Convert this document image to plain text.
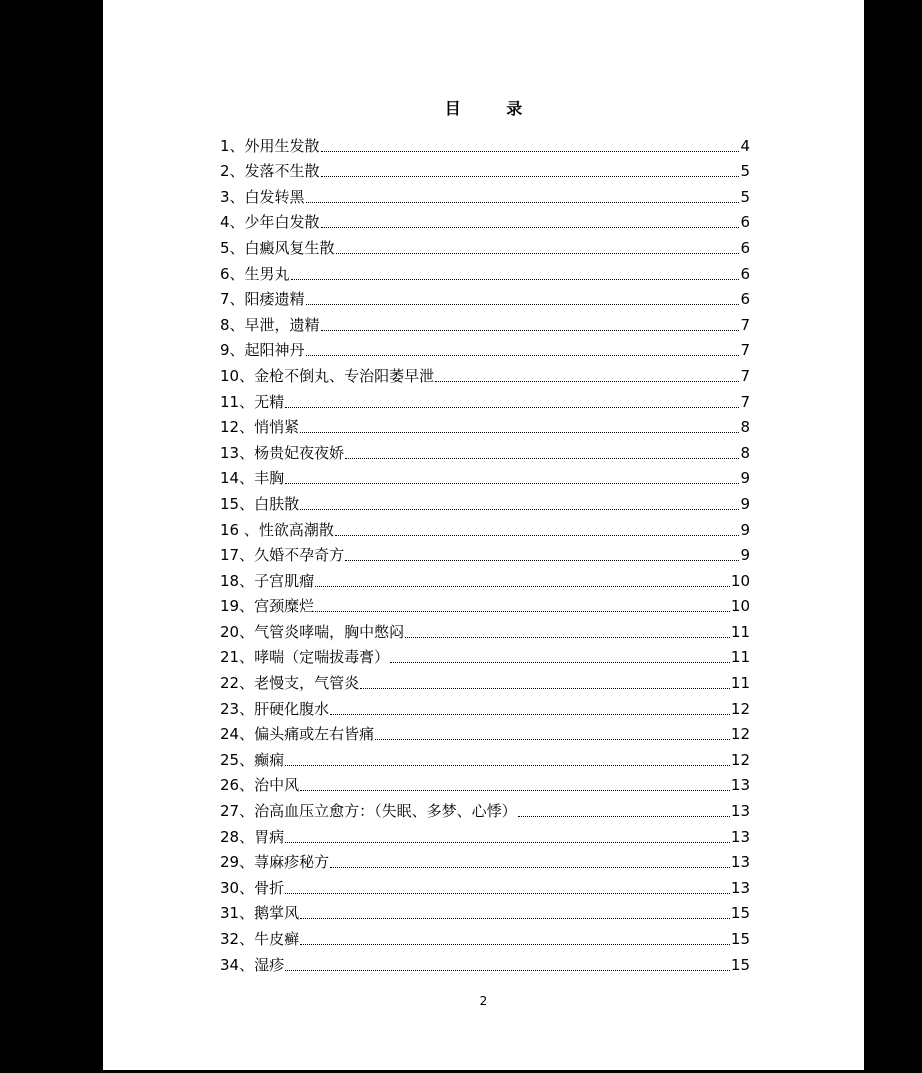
目 录
1、外用生发散	4
2、发落不生散	5
3、白发转黑	5
4、少年白发散	6
5、白癜风复生散	6
6、生男丸	6
7、阳痿遗精	6
8、早泄，遗精	7
9、起阳神丹	7
10、金枪不倒丸、专治阳萎早泄	7
11、无精	7
12、悄悄紧	8
13、杨贵妃夜夜娇	8
14、丰胸	9
15、白肤散	9
16 、性欲高潮散	9
17、久婚不孕奇方	9
18、子宫肌瘤	10
19、宫颈糜烂	10
20、气管炎哮喘，胸中憋闷	11
21、哮喘（定喘拔毒膏）	11
22、老慢支，气管炎	11
23、肝硬化腹水	12
24、偏头痛或左右皆痛	12
25、癫痫	12
26、治中风	13
27、治高血压立愈方：（失眠、多梦、心悸）	13
28、胃病	13
29、荨麻疹秘方	13
30、骨折	13
31、鹅掌风	15
32、牛皮癣	15
34、湿疹	15
2
